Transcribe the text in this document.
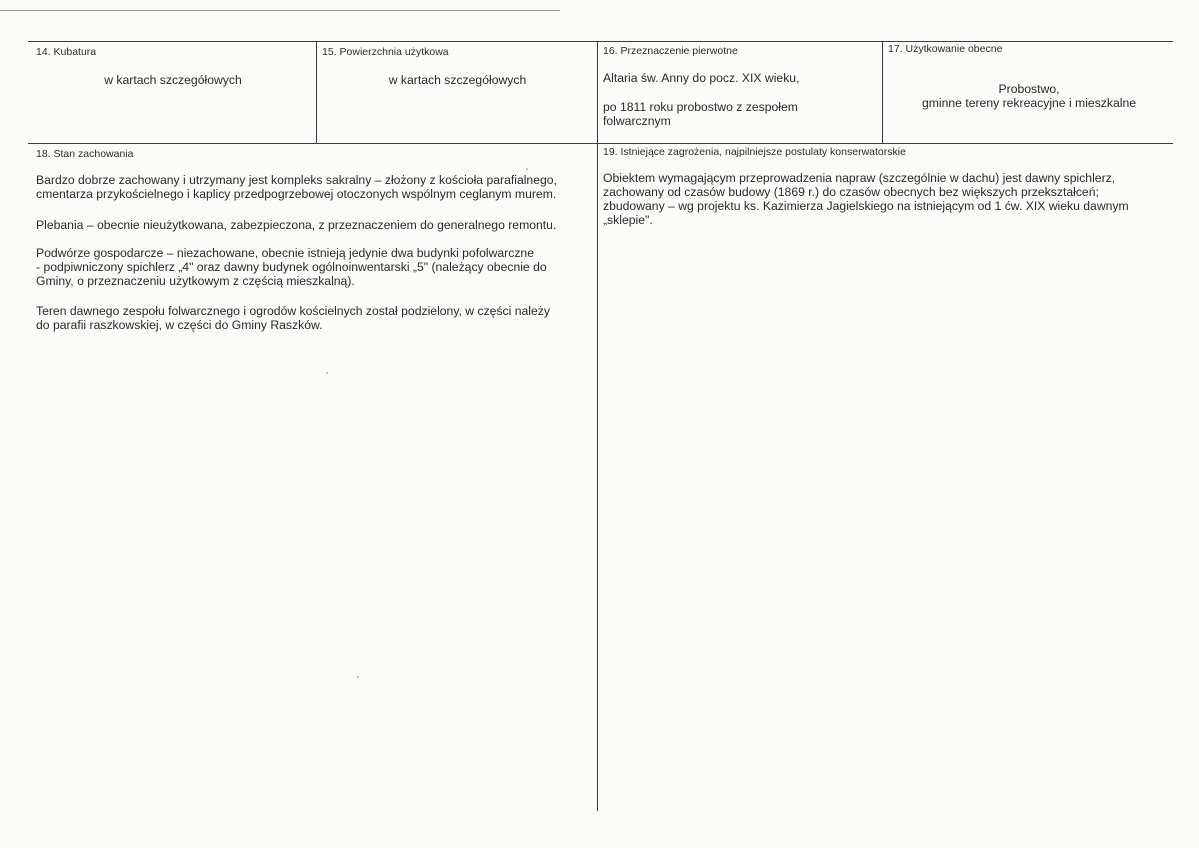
14. Kubatura
w kartach szczegółowych
15. Powierzchnia użytkowa
w kartach szczegółowych
16. Przeznaczenie pierwotne
Altaria św. Anny do pocz. XIX wieku,
po 1811 roku probostwo z zespołem
folwarcznym
17. Użytkowanie obecne
Probostwo,
gminne tereny rekreacyjne i mieszkalne
18. Stan zachowania
Bardzo dobrze zachowany i utrzymany jest kompleks sakralny – złożony z kościoła parafialnego,
cmentarza przykościelnego i kaplicy przedpogrzebowej otoczonych wspólnym ceglanym murem.
Plebania – obecnie nieużytkowana, zabezpieczona, z przeznaczeniem do generalnego remontu.
Podwórze gospodarcze – niezachowane, obecnie istnieją jedynie dwa budynki pofolwarczne
- podpiwniczony spichlerz „4" oraz dawny budynek ogólnoinwentarski „5" (należący obecnie do
Gminy, o przeznaczeniu użytkowym z częścią mieszkalną).
Teren dawnego zespołu folwarcznego i ogrodów kościelnych został podzielony, w części należy
do parafii raszkowskiej, w części do Gminy Raszków.
19. Istniejące zagrożenia, najpilniejsze postulaty konserwatorskie
Obiektem wymagającym przeprowadzenia napraw (szczególnie w dachu) jest dawny spichlerz,
zachowany od czasów budowy (1869 r.) do czasów obecnych bez większych przekształceń;
zbudowany – wg projektu ks. Kazimierza Jagielskiego na istniejącym od 1 ćw. XIX wieku dawnym
„sklepie".
